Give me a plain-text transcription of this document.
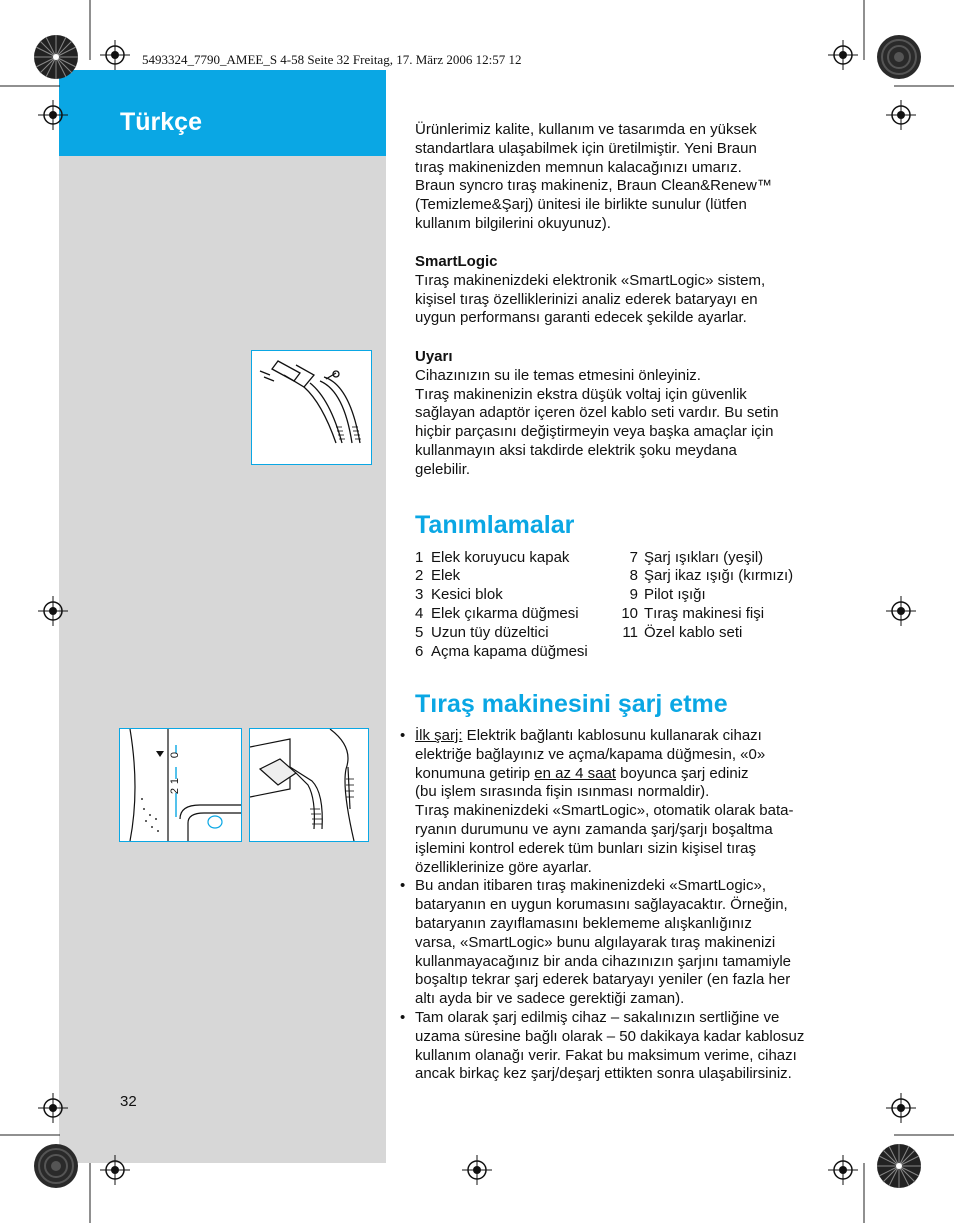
Türkçe
5493324_7790_AMEE_S 4-58 Seite 32 Freitag, 17. März 2006 12:57 12
0
1
2
Ürünlerimiz kalite, kullanım ve tasarımda en yüksek
standartlara ulaşabilmek için üretilmiştir. Yeni Braun
tıraş makinenizden memnun kalacağınızı umarız.
Braun syncro tıraş makineniz, Braun Clean&Renew™
(Temizleme&Şarj) ünitesi ile birlikte sunulur (lütfen
kullanım bilgilerini okuyunuz).
SmartLogic
Tıraş makinenizdeki elektronik «SmartLogic» sistem,
kişisel tıraş özelliklerinizi analiz ederek bataryayı en
uygun performansı garanti edecek şekilde ayarlar.
Uyarı
Cihazınızın su ile temas etmesini önleyiniz.
Tıraş makinenizin ekstra düşük voltaj için güvenlik
sağlayan adaptör içeren özel kablo seti vardır. Bu setin
hiçbir parçasını değiştirmeyin veya başka amaçlar için
kullanmayın aksi takdirde elektrik şoku meydana
gelebilir.
Tanımlamalar
1 Elek koruyucu kapak
2 Elek
3 Kesici blok
4 Elek çıkarma düğmesi
5 Uzun tüy düzeltici
6 Açma kapama düğmesi
7 Şarj ışıkları (yeşil)
8 Şarj ikaz ışığı (kırmızı)
9 Pilot ışığı
10 Tıraş makinesi fişi
11 Özel kablo seti
Tıraş makinesini şarj etme
• İlk şarj: Elektrik bağlantı kablosunu kullanarak cihazı
elektriğe bağlayınız ve açma/kapama düğmesin, «0»
konumuna getirip en az 4 saat boyunca şarj ediniz
(bu işlem sırasında fişin ısınması normaldir).
Tıraş makinenizdeki «SmartLogic», otomatik olarak bata-
ryanın durumunu ve aynı zamanda şarj/şarjı boşaltma
işlemini kontrol ederek tüm bunları sizin kişisel tıraş
özelliklerinize göre ayarlar.
• Bu andan itibaren tıraş makinenizdeki «SmartLogic»,
bataryanın en uygun korumasını sağlayacaktır. Örneğin,
bataryanın zayıflamasını beklememe alışkanlığınız
varsa, «SmartLogic» bunu algılayarak tıraş makinenizi
kullanmayacağınız bir anda cihazınızın şarjını tamamiyle
boşaltıp tekrar şarj ederek bataryayı yeniler (en fazla her
altı ayda bir ve sadece gerektiği zaman).
• Tam olarak şarj edilmiş cihaz – sakalınızın sertliğine ve
uzama süresine bağlı olarak – 50 dakikaya kadar kablosuz
kullanım olanağı verir. Fakat bu maksimum verime, cihazı
ancak birkaç kez şarj/deşarj ettikten sonra ulaşabilirsiniz.
32
